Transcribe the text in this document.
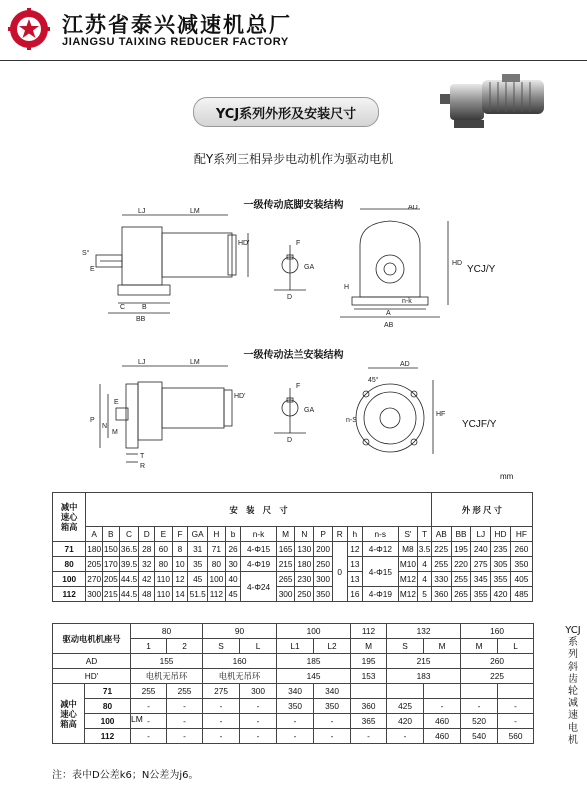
江苏省泰兴减速机总厂
JIANGSU TAIXING REDUCER FACTORY
YCJ系列外形及安装尺寸
配Y系列三相异步电动机作为驱动电机
一级传动底脚安装结构
LJ	LM
HD'
S°
E
C B
BB
F
GA
D
AD
HD
H
n-k
A
AB
YCJ/Y
一级传动法兰安装结构
LJ	LM
HD'
E
P
N
M
T
R
F
GA
D
AD
45°
n-S
HF
YCJF/Y
mm
减中
速心
箱高	安　装　尺　寸																		外 形 尺 寸				
	A	B	C	D	E	F	GA	H	b	n-k	M	N	P	R	h	n-s	S'	T	AB	BB	LJ	HD	HF
71	180	150	36.5	28	60	8	31	71	26	4-Φ15	165	130	200	0	12	4-Φ12	M8	3.5	225	195	240	235	260
80	205	170	39.5	32	80	10	35	80	30	4-Φ19	215	180	250		13	4-Φ15	M10	4	255	220	275	305	350
100	270	205	44.5	42	110	12	45	100	40	4-Φ24	265	230	300		13		M12	4	330	255	345	355	405
112	300	215	44.5	48	110	14	51.5	112	45		300	250	350		16	4-Φ19	M12	5	360	265	355	420	485
驱动电机机座号		80		90		100		112	132		160	
		1	2	S	L	L1	L2	M	S	M	M	L
AD		155		160		185		195	215		260	
HD'		电机无吊环		电机无吊环		145		153	183		225	
减中
速心
箱高	71	255	255	275	300	340	340					
	80	-	-	-	-	350	350	360	425	-	-	-
	100	-	-	-	-	-	-	365	420	460	520	-
	112	-	-	-	-	-	-	-	-	460	540	560
LM
YCJ系列斜齿轮减速电机
注：表中D公差k6；N公差为j6。
